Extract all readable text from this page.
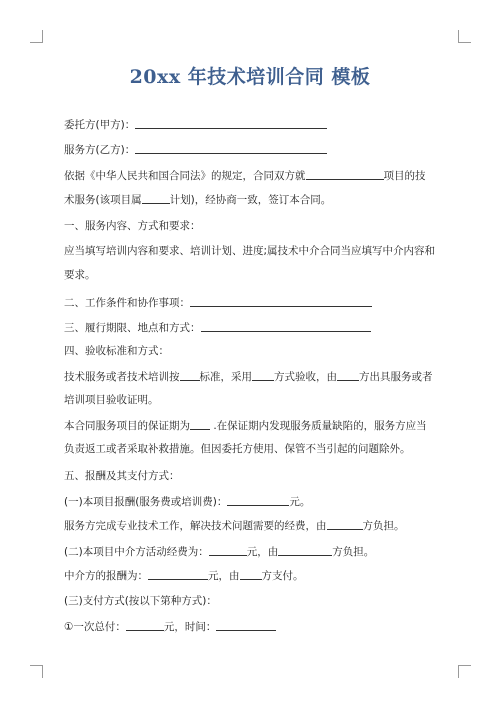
20xx 年技术培训合同 模板
委托方(甲方)：
服务方(乙方)：
依据《中华人民共和国合同法》的规定，合同双方就	项目的技
术服务(该项目属	计划)，经协商一致，签订本合同。
一、服务内容、方式和要求：
应当填写培训内容和要求、培训计划、进度;属技术中介合同当应填写中介内容和
要求。
二、工作条件和协作事项：
三、履行期限、地点和方式：
四、验收标准和方式：
技术服务或者技术培训按 标准，采用 方式验收，由 方出具服务或者
培训项目验收证明。
本合同服务项目的保证期为 .在保证期内发现服务质量缺陷的，服务方应当
负责返工或者采取补救措施。但因委托方使用、保管不当引起的问题除外。
五、报酬及其支付方式：
(一)本项目报酬(服务费或培训费)：	元。
服务方完成专业技术工作，解决技术问题需要的经费，由	方负担。
(二)本项目中介方活动经费为：	元，由	方负担。
中介方的报酬为：	元，由 方支付。
(三)支付方式(按以下第种方式)：
①一次总付：	元，时间：
